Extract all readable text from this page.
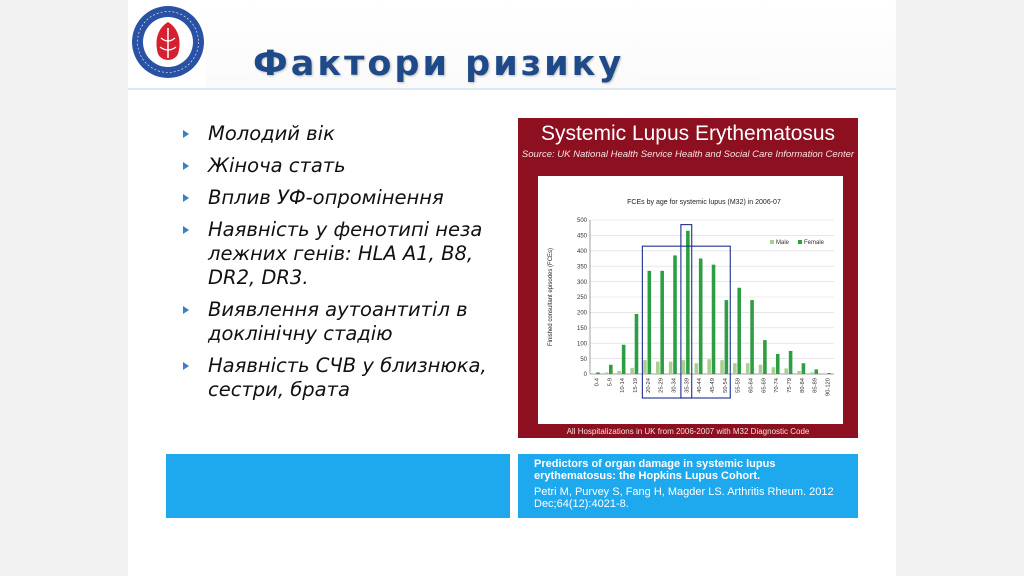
Фактори ризику
Молодий вік
Жіноча стать
Вплив УФ-опромінення
Наявність у фенотипі неза лежних генів: HLA A1, B8, DR2, DR3.
Виявлення аутоантитіл в доклінічну стадію
Наявність СЧВ у близнюка, сестри, брата
Systemic Lupus Erythematosus
Source: UK National Health Service Health and Social Care Information Center
FCEs by age for systemic lupus (M32) in 2006-07
0
50
100
150
200
250
300
350
400
450
500
Finished consultant episodes (FCEs)
0-4 5-9 10-14 15-19 20-24 25-29 30-34 35-39 40-44 45-49 50-54 55-59 60-64 65-69 70-74 75-79 80-84 85-89 90-120
Male Female
All Hospitalizations in UK from 2006-2007 with M32 Diagnostic Code

Predictors of organ damage in systemic lupus erythematosus: the Hopkins Lupus Cohort.

Petri M, Purvey S, Fang H, Magder LS. Arthritis Rheum. 2012 Dec;64(12):4021-8.
